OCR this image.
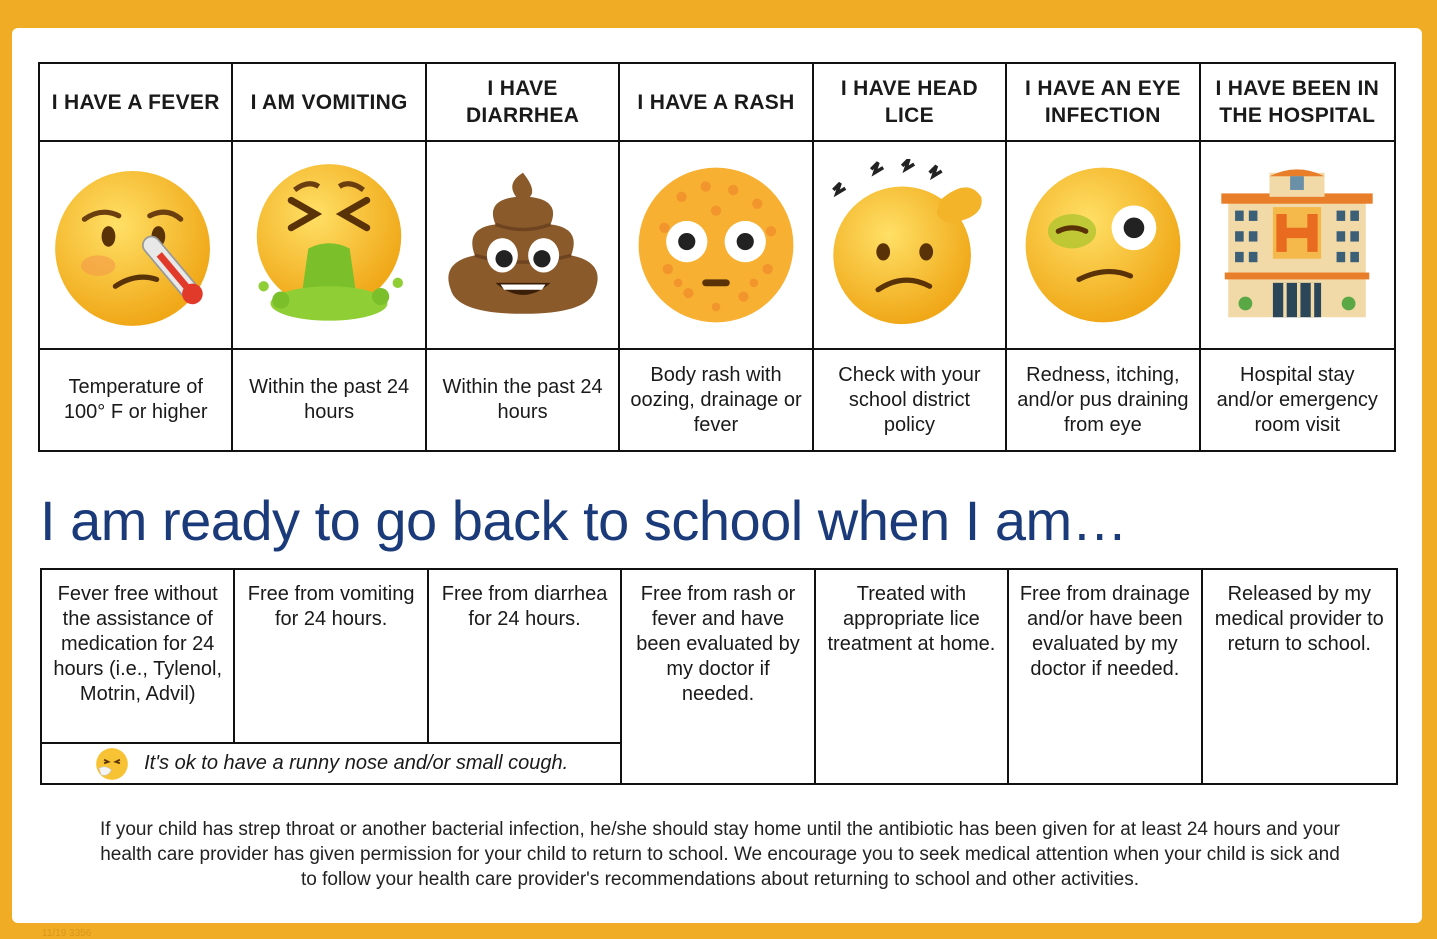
I HAVE A FEVER	I AM VOMITING
I HAVE DIARRHEA
I HAVE A RASH
I HAVE HEAD LICE
I HAVE AN EYE INFECTION
I HAVE BEEN IN THE HOSPITAL
Temperature of 100° F or higher
Within the past 24 hours
Within the past 24 hours
Body rash with oozing, drainage or fever
Check with your school district policy
Redness, itching, and/or pus draining from eye
Hospital stay and/or emergency room visit
I am ready to go back to school when I am…
Fever free without the assistance of medication for 24 hours (i.e., Tylenol, Motrin, Advil)
Free from vomiting for 24 hours.
Free from diarrhea for 24 hours.
Free from rash or fever and have been evaluated by my doctor if needed.
Treated with appropriate lice treatment at home.
Free from drainage and/or have been evaluated by my doctor if needed.
Released by my medical provider to return to school.
It's ok to have a runny nose and/or small cough.
If your child has strep throat or another bacterial infection, he/she should stay home until the antibiotic has been given for at least 24 hours and your health care provider has given permission for your child to return to school. We encourage you to seek medical attention when your child is sick and to follow your health care provider's recommendations about returning to school and other activities.
11/19 3356
